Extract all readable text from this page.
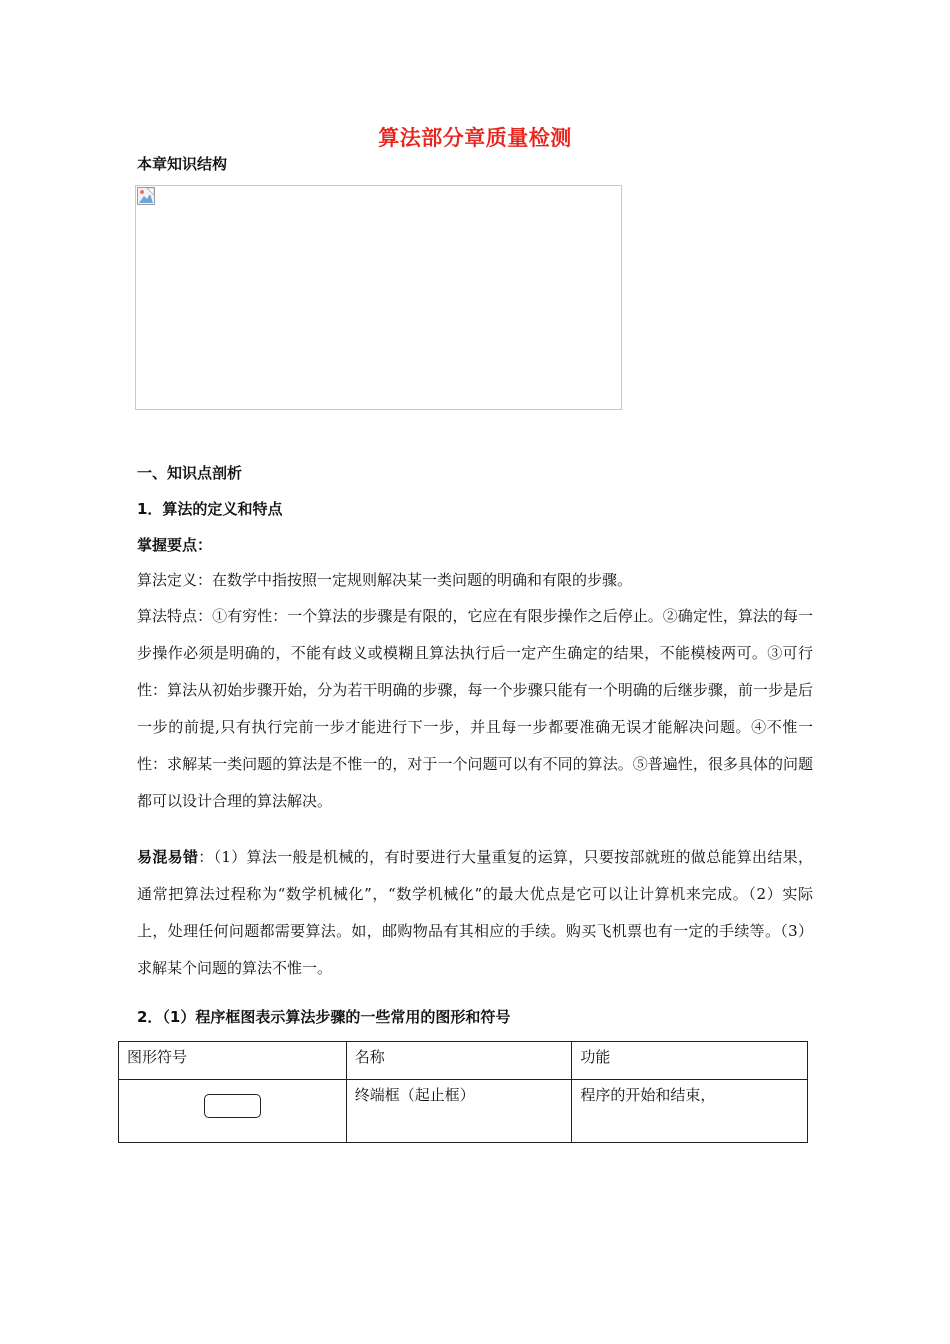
算法部分章质量检测
本章知识结构
一、知识点剖析
1．算法的定义和特点
掌握要点：

算法定义：在数学中指按照一定规则解决某一类问题的明确和有限的步骤。

算法特点：①有穷性：一个算法的步骤是有限的，它应在有限步操作之后停止。②确定性，算法的每一步操作必须是明确的，不能有歧义或模糊且算法执行后一定产生确定的结果，不能模棱两可。③可行性：算法从初始步骤开始，分为若干明确的步骤，每一个步骤只能有一个明确的后继步骤，前一步是后一步的前提,只有执行完前一步才能进行下一步，并且每一步都要准确无误才能解决问题。④不惟一性：求解某一类问题的算法是不惟一的，对于一个问题可以有不同的算法。⑤普遍性，很多具体的问题都可以设计合理的算法解决。

易混易错：（1）算法一般是机械的，有时要进行大量重复的运算，只要按部就班的做总能算出结果，通常把算法过程称为“数学机械化”，“数学机械化”的最大优点是它可以让计算机来完成。（2）实际上，处理任何问题都需要算法。如，邮购物品有其相应的手续。购买飞机票也有一定的手续等。（3）求解某个问题的算法不惟一。

2．（1）程序框图表示算法步骤的一些常用的图形和符号
图形符号	名称	功能

	终端框（起止框）	程序的开始和结束，
